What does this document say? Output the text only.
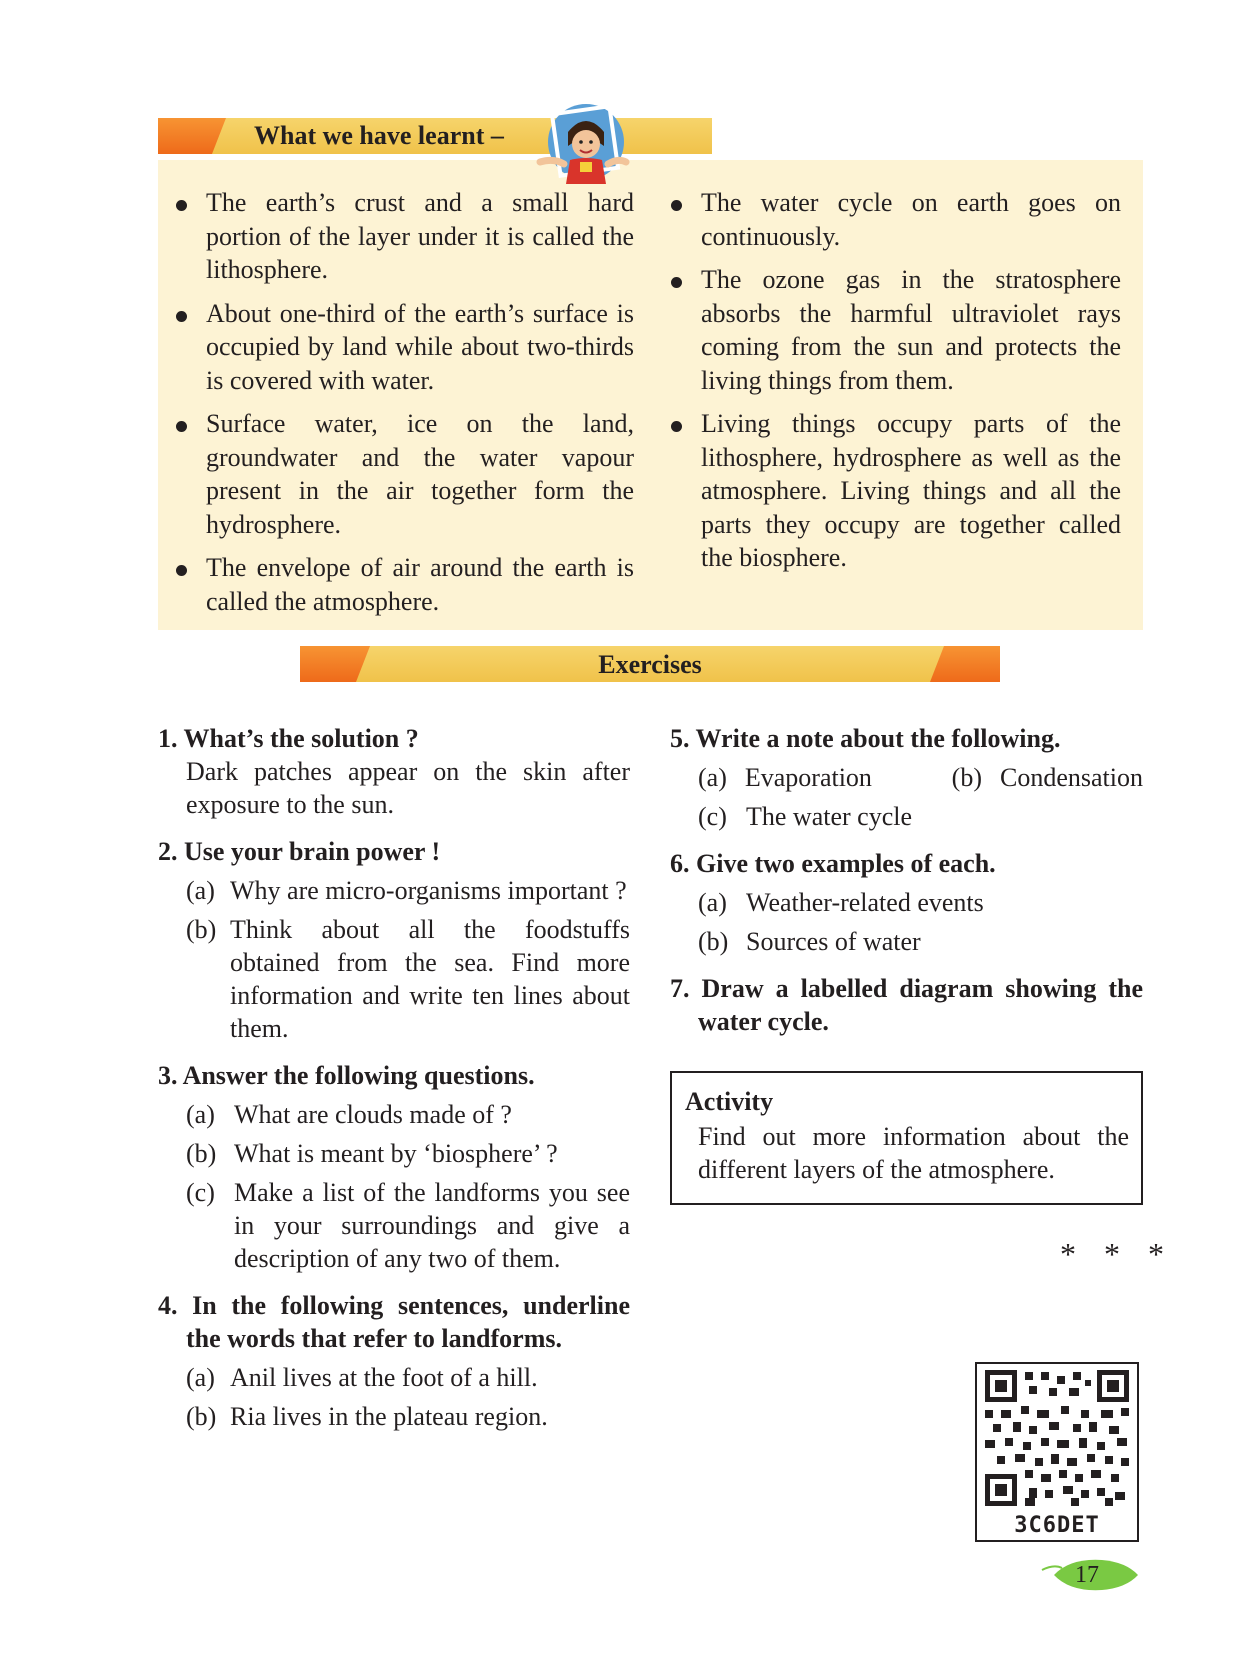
What we have learnt –
The earth’s crust and a small hard portion of the layer under it is called the lithosphere.
About one-third of the earth’s surface is occupied by land while about two-thirds is covered with water.
Surface water, ice on the land, groundwater and the water vapour present in the air together form the hydrosphere.
The envelope of air around the earth is called the atmosphere.
The water cycle on earth goes on continuously.
The ozone gas in the stratosphere absorbs the harmful ultraviolet rays coming from the sun and protects the living things from them.
Living things occupy parts of the lithosphere, hydrosphere as well as the atmosphere. Living things and all the parts they occupy are together called the biosphere.
Exercises
1. What’s the solution ?
Dark patches appear on the skin after exposure to the sun.
2. Use your brain power !
(a) Why are micro-organisms important ?
(b) Think about all the foodstuffs obtained from the sea. Find more information and write ten lines about them.
3. Answer the following questions.
(a) What are clouds made of ?
(b) What is meant by ‘biosphere’ ?
(c) Make a list of the landforms you see in your surroundings and give a description of any two of them.
4. In the following sentences, underline the words that refer to landforms.
(a) Anil lives at the foot of a hill.
(b) Ria lives in the plateau region.
5. Write a note about the following.
(a) Evaporation	(b) Condensation
(c) The water cycle
6. Give two examples of each.
(a) Weather-related events
(b) Sources of water
7. Draw a labelled diagram showing the water cycle.
Activity
Find out more information about the different layers of the atmosphere.
* * *
3C6DET
17
